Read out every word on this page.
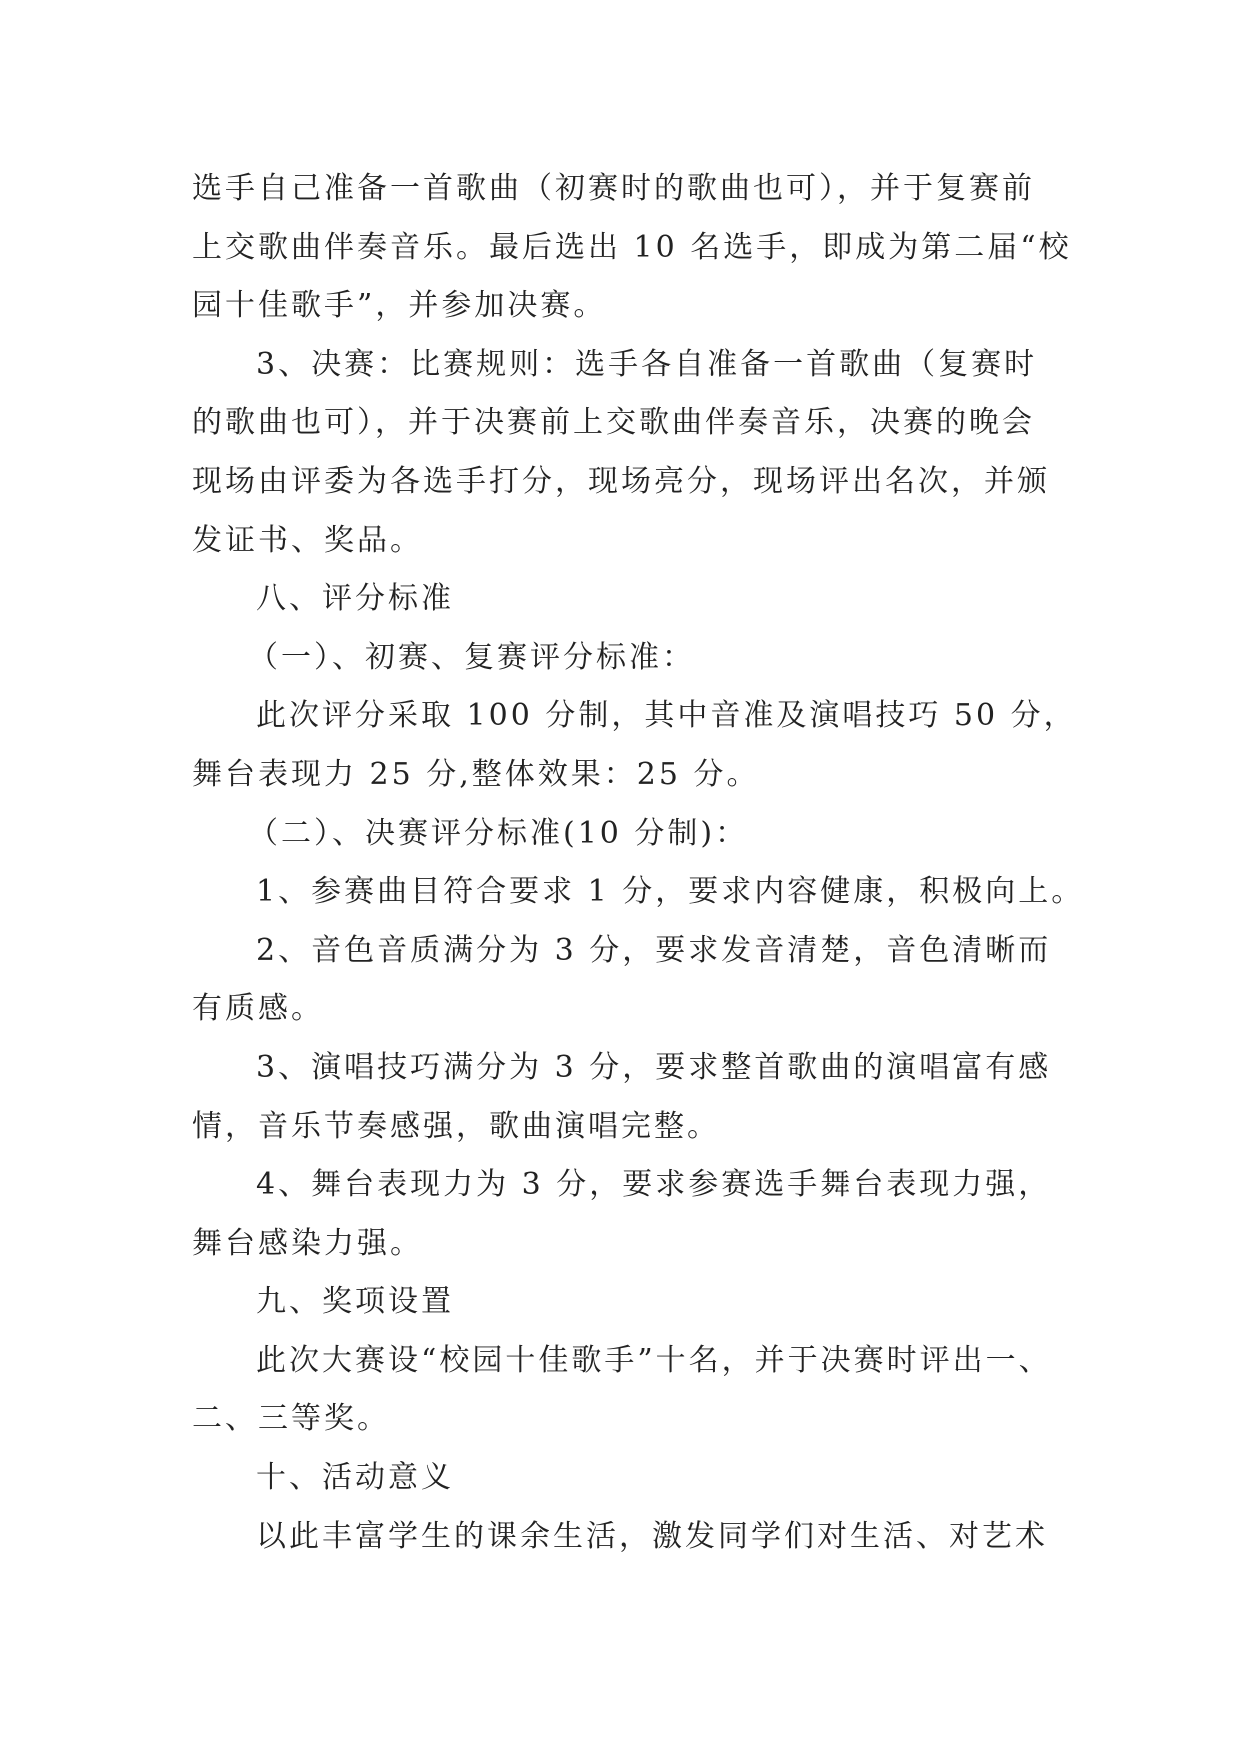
选手自己准备一首歌曲（初赛时的歌曲也可），并于复赛前
上交歌曲伴奏音乐。最后选出 10 名选手，即成为第二届“校
园十佳歌手”，并参加决赛。
3、决赛：比赛规则：选手各自准备一首歌曲（复赛时
的歌曲也可），并于决赛前上交歌曲伴奏音乐，决赛的晚会
现场由评委为各选手打分，现场亮分，现场评出名次，并颁
发证书、奖品。
八、评分标准
（一）、初赛、复赛评分标准：
此次评分采取 100 分制，其中音准及演唱技巧 50 分，
舞台表现力 25 分,整体效果：25 分。
（二）、决赛评分标准(10 分制)：
1、参赛曲目符合要求 1 分，要求内容健康，积极向上。
2、音色音质满分为 3 分，要求发音清楚，音色清晰而
有质感。
3、演唱技巧满分为 3 分，要求整首歌曲的演唱富有感
情，音乐节奏感强，歌曲演唱完整。
4、舞台表现力为 3 分，要求参赛选手舞台表现力强，
舞台感染力强。
九、奖项设置
此次大赛设“校园十佳歌手”十名，并于决赛时评出一、
二、三等奖。
十、活动意义
以此丰富学生的课余生活，激发同学们对生活、对艺术
